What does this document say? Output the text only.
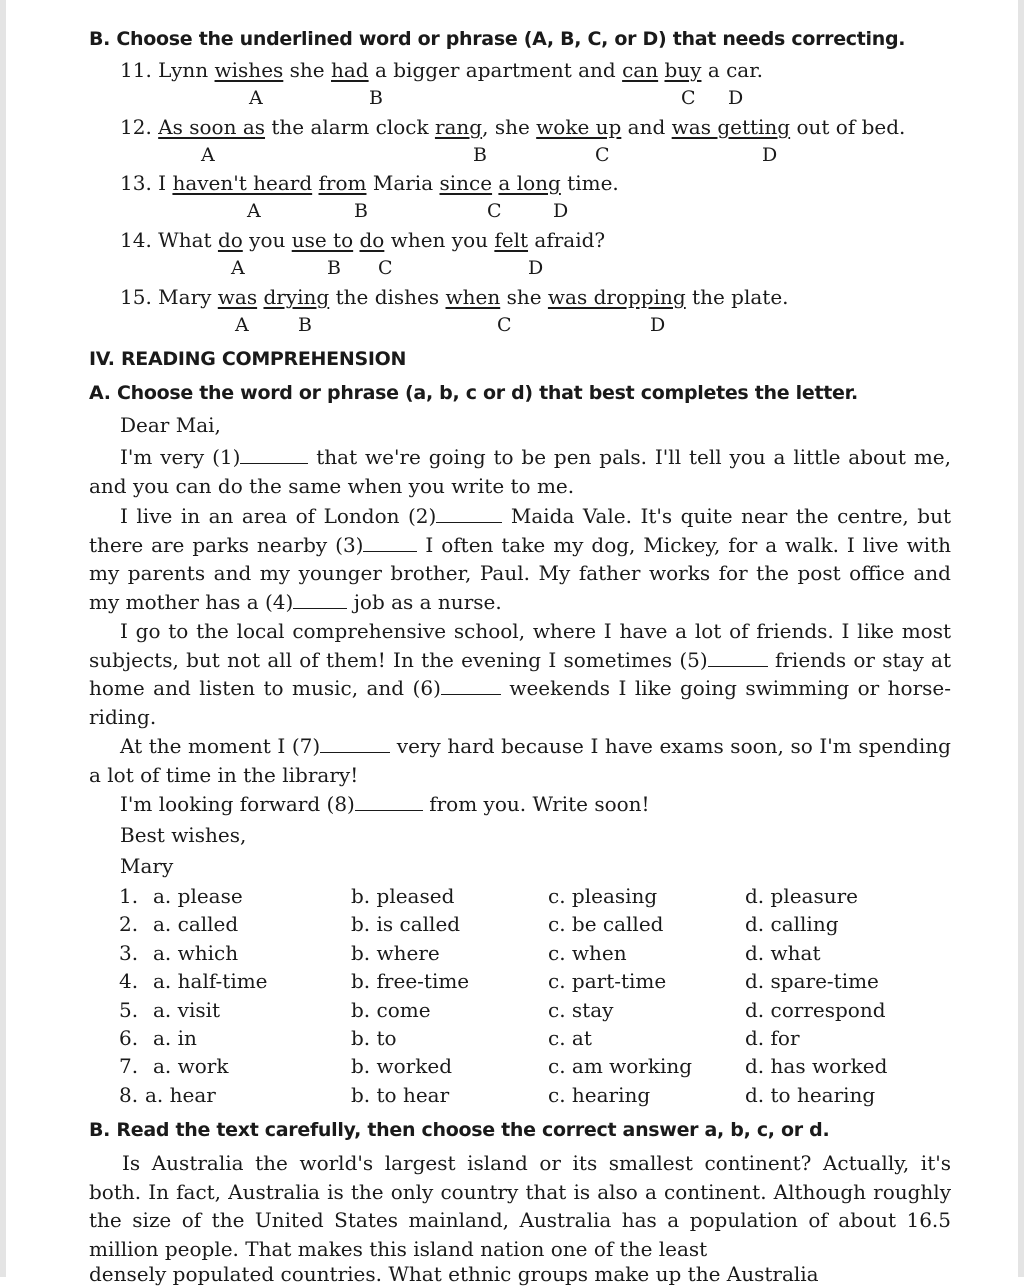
B. Choose the underlined word or phrase (A, B, C, or D) that needs correcting.
11. Lynn wishes she had a bigger apartment and can buy a car.
A	B	C D
12. As soon as the alarm clock rang, she woke up and was getting out of bed.
A	B	C	D
13. I haven't heard from Maria since a long time.
A	B	C	D
14. What do you use to do when you felt afraid?
A	B C	D
15. Mary was drying the dishes when she was dropping the plate.
A	B	C	D
IV. READING COMPREHENSION
A. Choose the word or phrase (a, b, c or d) that best completes the letter.
Dear Mai,
I'm very (1)	that we're going to be pen pals. I'll tell you a little about me, and you can do the same when you write to me.
I live in an area of London (2)	Maida Vale. It's quite near the centre, but there are parks nearby (3)	I often take my dog, Mickey, for a walk. I live with my parents and my younger brother, Paul. My father works for the post office and my mother has a (4)	job as a nurse.
I go to the local comprehensive school, where I have a lot of friends. I like most subjects, but not all of them! In the evening I sometimes (5)	friends or stay at home and listen to music, and (6)	weekends I like going swimming or horse-riding.
At the moment I (7)	very hard because I have exams soon, so I'm spending a lot of time in the library!
I'm looking forward (8)	from you. Write soon!
Best wishes,
Mary
1. a. please	b. pleased	c. pleasing	d. pleasure
2. a. called	b. is called	c. be called	d. calling
3. a. which	b. where	c. when	d. what
4. a. half-time	b. free-time	c. part-time	d. spare-time
5. a. visit	b. come	c. stay	d. correspond
6. a. in	b. to	c. at	d. for
7. a. work	b. worked	c. am working	d. has worked
8. a. hear	b. to hear	c. hearing	d. to hearing
B. Read the text carefully, then choose the correct answer a, b, c, or d.
Is Australia the world's largest island or its smallest continent? Actually, it's both. In fact, Australia is the only country that is also a continent. Although roughly the size of the United States mainland, Australia has a population of about 16.5 million people. That makes this island nation one of the least
densely populated countries. What ethnic groups make up the Australia
